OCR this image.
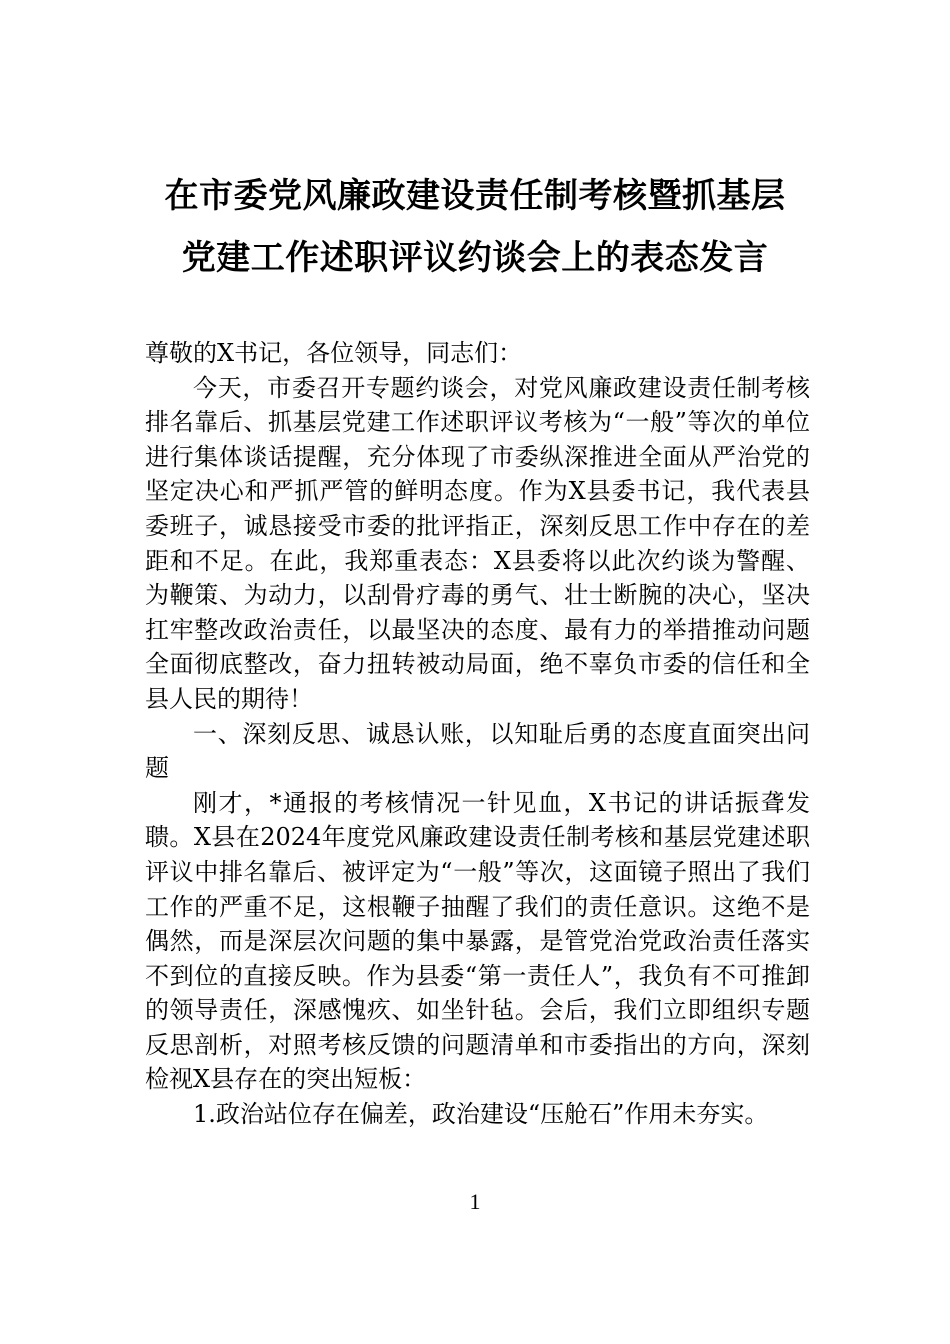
在市委党风廉政建设责任制考核暨抓基层
党建工作述职评议约谈会上的表态发言

尊敬的X书记，各位领导，同志们：

今天，市委召开专题约谈会，对党风廉政建设责任制考核排名靠后、抓基层党建工作述职评议考核为“一般”等次的单位进行集体谈话提醒，充分体现了市委纵深推进全面从严治党的坚定决心和严抓严管的鲜明态度。作为X县委书记，我代表县委班子，诚恳接受市委的批评指正，深刻反思工作中存在的差距和不足。在此，我郑重表态：X县委将以此次约谈为警醒、为鞭策、为动力，以刮骨疗毒的勇气、壮士断腕的决心，坚决扛牢整改政治责任，以最坚决的态度、最有力的举措推动问题全面彻底整改，奋力扭转被动局面，绝不辜负市委的信任和全县人民的期待！

一、深刻反思、诚恳认账，以知耻后勇的态度直面突出问题

刚才，*通报的考核情况一针见血，X书记的讲话振聋发聩。X县在2024年度党风廉政建设责任制考核和基层党建述职评议中排名靠后、被评定为“一般”等次，这面镜子照出了我们工作的严重不足，这根鞭子抽醒了我们的责任意识。这绝不是偶然，而是深层次问题的集中暴露，是管党治党政治责任落实不到位的直接反映。作为县委“第一责任人”，我负有不可推卸的领导责任，深感愧疚、如坐针毡。会后，我们立即组织专题反思剖析，对照考核反馈的问题清单和市委指出的方向，深刻检视X县存在的突出短板：

1.政治站位存在偏差，政治建设“压舱石”作用未夯实。

1
